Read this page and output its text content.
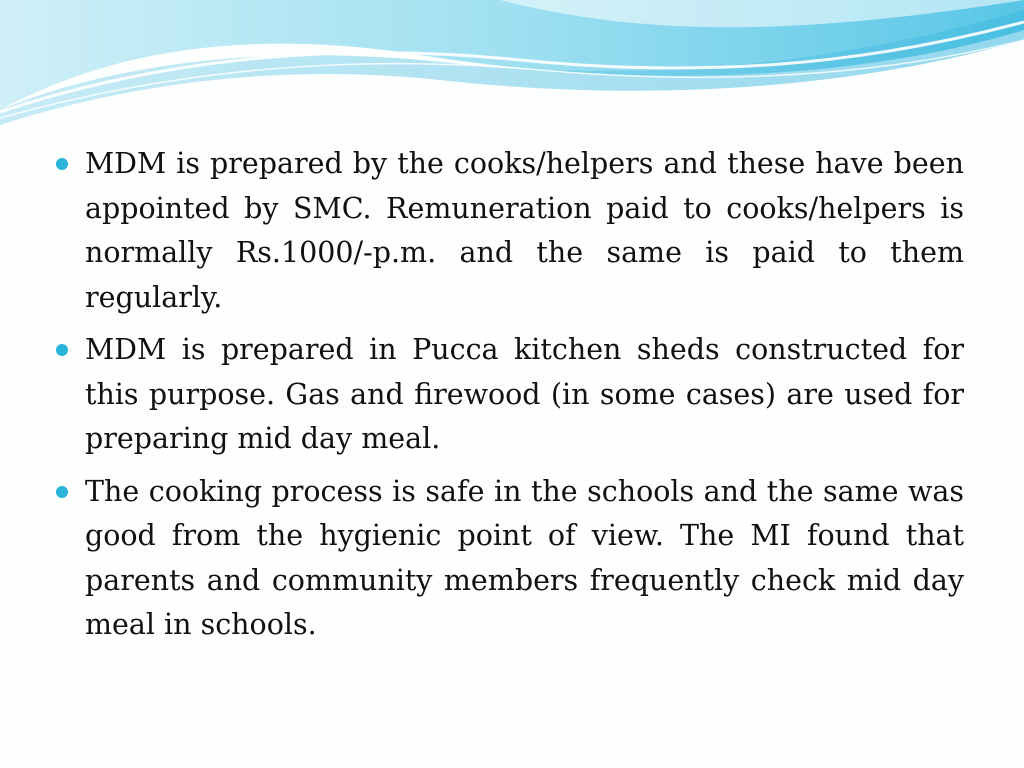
MDM is prepared by the cooks/helpers and these have been appointed by SMC. Remuneration paid to cooks/helpers is normally Rs.1000/-p.m. and the same is paid to them regularly.
MDM is prepared in Pucca kitchen sheds constructed for this purpose. Gas and firewood (in some cases) are used for preparing mid day meal.
The cooking process is safe in the schools and the same was good from the hygienic point of view. The MI found that parents and community members frequently check mid day meal in schools.
